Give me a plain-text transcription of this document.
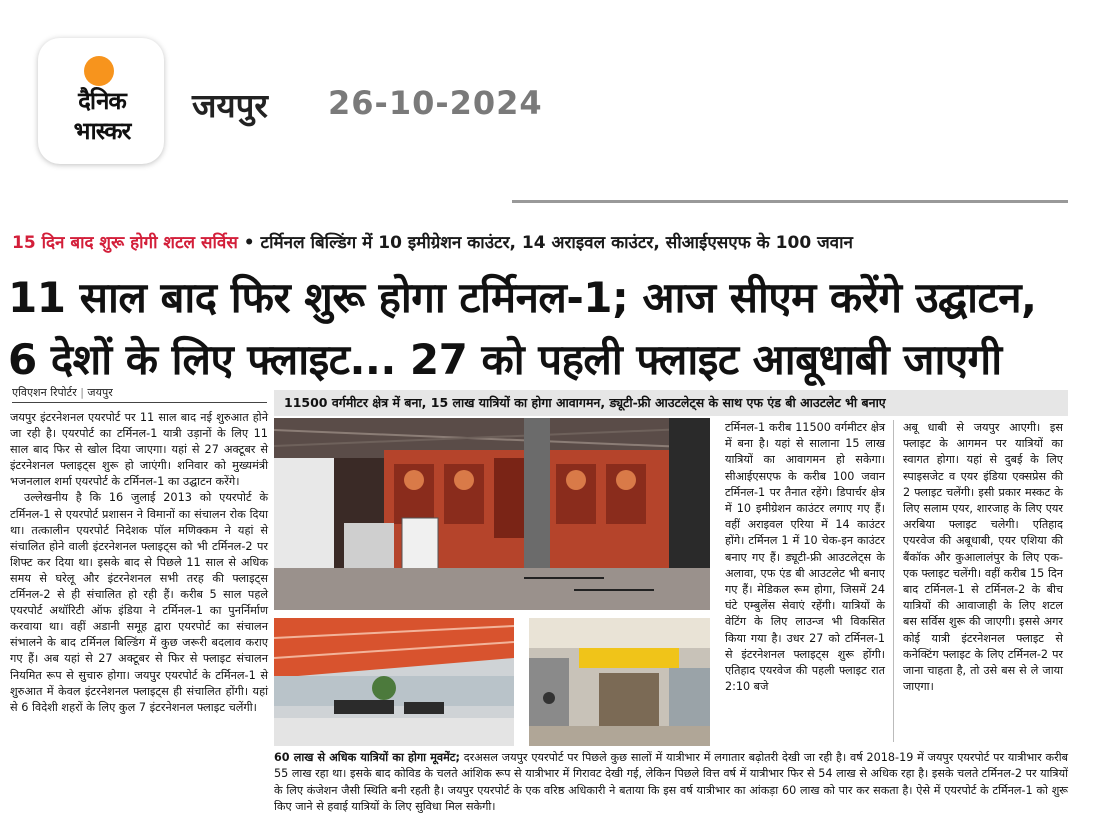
दैनिक
भास्कर
जयपुर 26-10-2024
15 दिन बाद शुरू होगी शटल सर्विस • टर्मिनल बिल्डिंग में 10 इमीग्रेशन काउंटर, 14 अराइवल काउंटर, सीआईएसएफ के 100 जवान
11 साल बाद फिर शुरू होगा टर्मिनल-1; आज सीएम करेंगे उद्घाटन,
6 देशों के लिए फ्लाइट... 27 को पहली फ्लाइट आबूधाबी जाएगी
एविएशन रिपोर्टर | जयपुर

जयपुर इंटरनेशनल एयरपोर्ट पर 11 साल बाद नई शुरुआत होने जा रही है। एयरपोर्ट का टर्मिनल-1 यात्री उड़ानों के लिए 11 साल बाद फिर से खोल दिया जाएगा। यहां से 27 अक्टूबर से इंटरनेशनल फ्लाइट्स शुरू हो जाएंगी। शनिवार को मुख्यमंत्री भजनलाल शर्मा एयरपोर्ट के टर्मिनल-1 का उद्घाटन करेंगे।

उल्लेखनीय है कि 16 जुलाई 2013 को एयरपोर्ट के टर्मिनल-1 से एयरपोर्ट प्रशासन ने विमानों का संचालन रोक दिया था। तत्कालीन एयरपोर्ट निदेशक पॉल मणिक्कम ने यहां से संचालित होने वाली इंटरनेशनल फ्लाइट्स को भी टर्मिनल-2 पर शिफ्ट कर दिया था। इसके बाद से पिछले 11 साल से अधिक समय से घरेलू और इंटरनेशनल सभी तरह की फ्लाइट्स टर्मिनल-2 से ही संचालित हो रही हैं। करीब 5 साल पहले एयरपोर्ट अथॉरिटी ऑफ इंडिया ने टर्मिनल-1 का पुनर्निर्माण करवाया था। वहीं अडानी समूह द्वारा एयरपोर्ट का संचालन संभालने के बाद टर्मिनल बिल्डिंग में कुछ जरूरी बदलाव कराए गए हैं। अब यहां से 27 अक्टूबर से फिर से फ्लाइट संचालन नियमित रूप से सुचारु होगा। जयपुर एयरपोर्ट के टर्मिनल-1 से शुरुआत में केवल इंटरनेशनल फ्लाइट्स ही संचालित होंगी। यहां से 6 विदेशी शहरों के लिए कुल 7 इंटरनेशनल फ्लाइट चलेंगी।

11500 वर्गमीटर क्षेत्र में बना, 15 लाख यात्रियों का होगा आवागमन, ड्यूटी-फ्री आउटलेट्स के साथ एफ एंड बी आउटलेट भी बनाए
टर्मिनल-1 करीब 11500 वर्गमीटर क्षेत्र में बना है। यहां से सालाना 15 लाख यात्रियों का आवागमन हो सकेगा। सीआईएसएफ के करीब 100 जवान टर्मिनल-1 पर तैनात रहेंगे। डिपार्चर क्षेत्र में 10 इमीग्रेशन काउंटर लगाए गए हैं। वहीं अराइवल एरिया में 14 काउंटर होंगे। टर्मिनल 1 में 10 चेक-इन काउंटर बनाए गए हैं। ड्यूटी-फ्री आउटलेट्स के अलावा, एफ एंड बी आउटलेट भी बनाए गए हैं। मेडिकल रूम होगा, जिसमें 24 घंटे एम्बुलेंस सेवाएं रहेंगी। यात्रियों के वेटिंग के लिए लाउन्ज भी विकसित किया गया है। उधर 27 को टर्मिनल-1 से इंटरनेशनल फ्लाइट्स शुरू होंगी। एतिहाद एयरवेज की पहली फ्लाइट रात 2:10 बजे
अबू धाबी से जयपुर आएगी। इस फ्लाइट के आगमन पर यात्रियों का स्वागत होगा। यहां से दुबई के लिए स्पाइसजेट व एयर इंडिया एक्सप्रेस की 2 फ्लाइट चलेंगी। इसी प्रकार मस्कट के लिए सलाम एयर, शारजाह के लिए एयर अरबिया फ्लाइट चलेगी। एतिहाद एयरवेज की अबूधाबी, एयर एशिया की बैंकॉक और कुआलालंपुर के लिए एक-एक फ्लाइट चलेंगी। वहीं करीब 15 दिन बाद टर्मिनल-1 से टर्मिनल-2 के बीच यात्रियों की आवाजाही के लिए शटल बस सर्विस शुरू की जाएगी। इससे अगर कोई यात्री इंटरनेशनल फ्लाइट से कनेक्टिंग फ्लाइट के लिए टर्मिनल-2 पर जाना चाहता है, तो उसे बस से ले जाया जाएगा।
60 लाख से अधिक यात्रियों का होगा मूवमेंट; दरअसल जयपुर एयरपोर्ट पर पिछले कुछ सालों में यात्रीभार में लगातार बढ़ोतरी देखी जा रही है। वर्ष 2018-19 में जयपुर एयरपोर्ट पर यात्रीभार करीब 55 लाख रहा था। इसके बाद कोविड के चलते आंशिक रूप से यात्रीभार में गिरावट देखी गई, लेकिन पिछले वित्त वर्ष में यात्रीभार फिर से 54 लाख से अधिक रहा है। इसके चलते टर्मिनल-2 पर यात्रियों के लिए कंजेशन जैसी स्थिति बनी रहती है। जयपुर एयरपोर्ट के एक वरिष्ठ अधिकारी ने बताया कि इस वर्ष यात्रीभार का आंकड़ा 60 लाख को पार कर सकता है। ऐसे में एयरपोर्ट के टर्मिनल-1 को शुरू किए जाने से हवाई यात्रियों के लिए सुविधा मिल सकेगी।
